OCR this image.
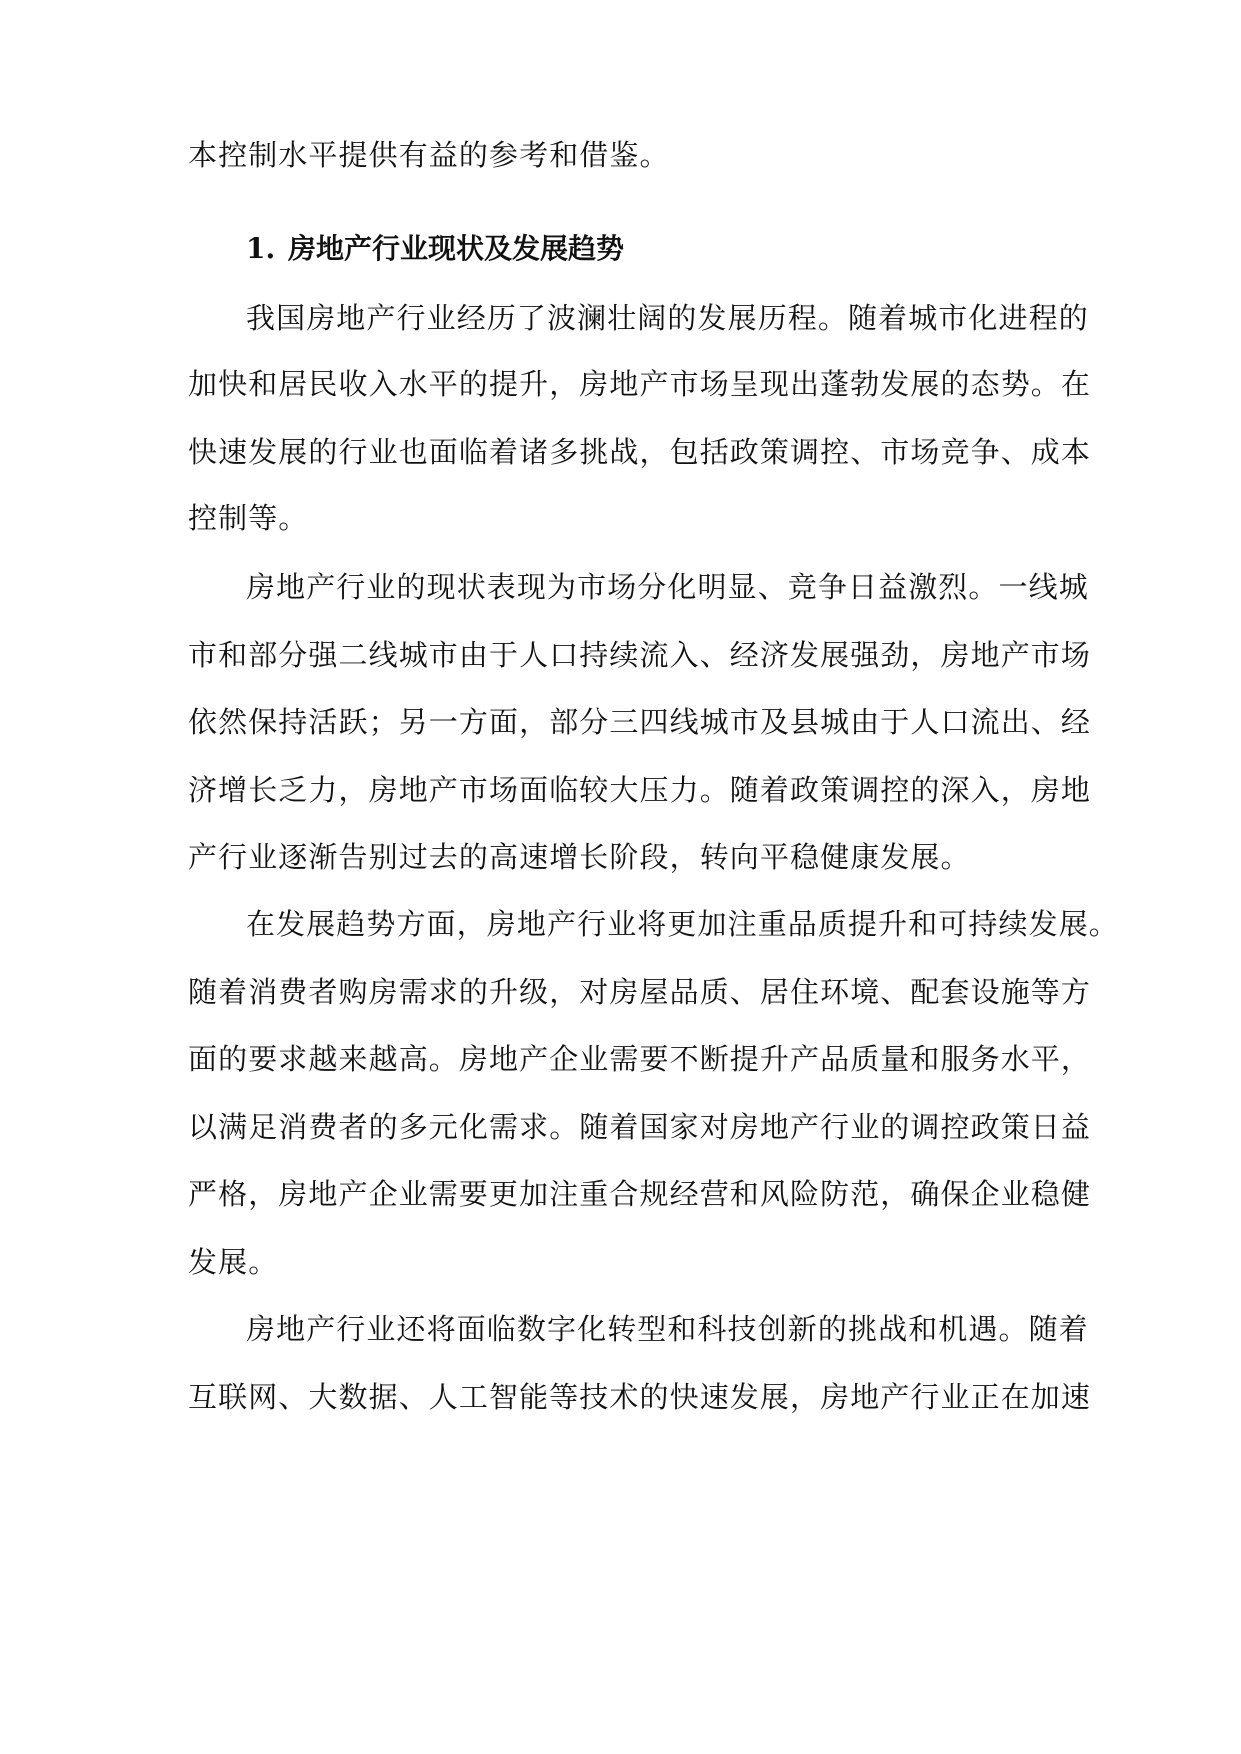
本控制水平提供有益的参考和借鉴。
1. 房地产行业现状及发展趋势
我国房地产行业经历了波澜壮阔的发展历程。随着城市化进程的
加快和居民收入水平的提升，房地产市场呈现出蓬勃发展的态势。在
快速发展的行业也面临着诸多挑战，包括政策调控、市场竞争、成本
控制等。
房地产行业的现状表现为市场分化明显、竞争日益激烈。一线城
市和部分强二线城市由于人口持续流入、经济发展强劲，房地产市场
依然保持活跃；另一方面，部分三四线城市及县城由于人口流出、经
济增长乏力，房地产市场面临较大压力。随着政策调控的深入，房地
产行业逐渐告别过去的高速增长阶段，转向平稳健康发展。
在发展趋势方面，房地产行业将更加注重品质提升和可持续发展。
随着消费者购房需求的升级，对房屋品质、居住环境、配套设施等方
面的要求越来越高。房地产企业需要不断提升产品质量和服务水平，
以满足消费者的多元化需求。随着国家对房地产行业的调控政策日益
严格，房地产企业需要更加注重合规经营和风险防范，确保企业稳健
发展。
房地产行业还将面临数字化转型和科技创新的挑战和机遇。随着
互联网、大数据、人工智能等技术的快速发展，房地产行业正在加速
